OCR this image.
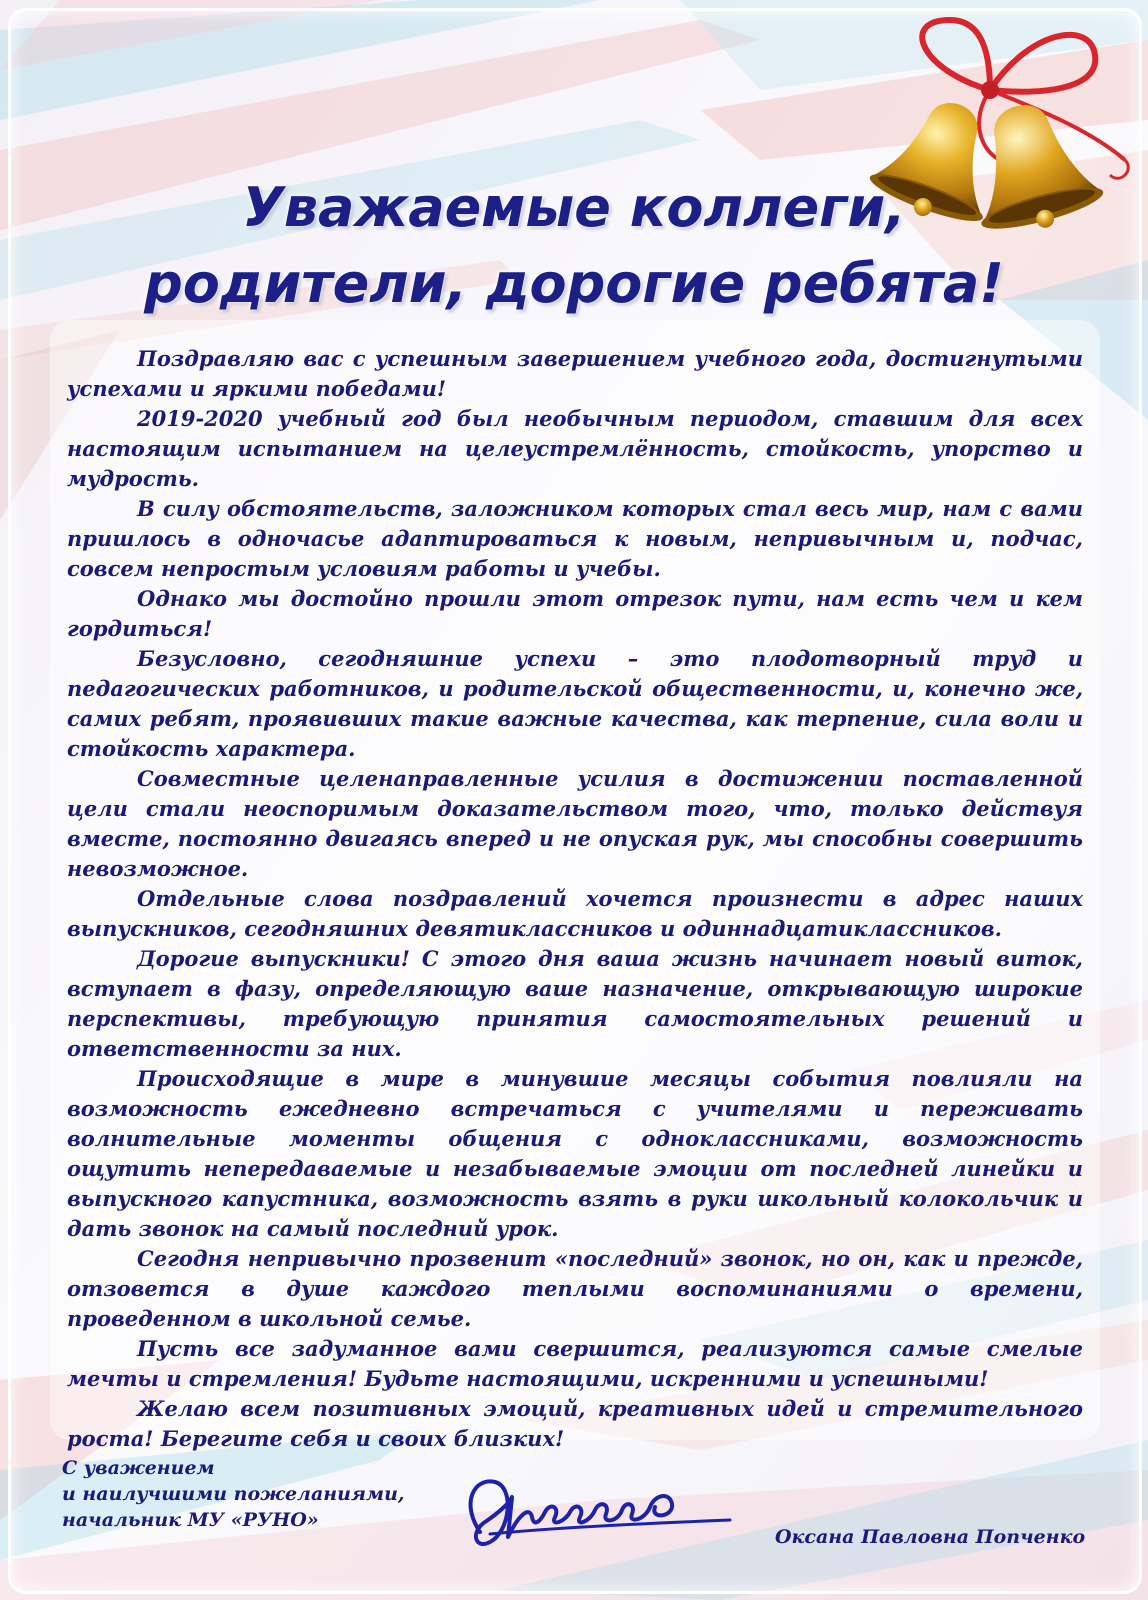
Уважаемые коллеги,
родители, дорогие ребята!

Поздравляю вас с успешным завершением учебного года, достигнутыми успехами и яркими победами!

2019-2020 учебный год был необычным периодом, ставшим для всех настоящим испытанием на целеустремлённость, стойкость, упорство и мудрость.

В силу обстоятельств, заложником которых стал весь мир, нам с вами пришлось в одночасье адаптироваться к новым, непривычным и, подчас, совсем непростым условиям работы и учебы.

Однако мы достойно прошли этот отрезок пути, нам есть чем и кем гордиться!

Безусловно, сегодняшние успехи – это плодотворный труд и педагогических работников, и родительской общественности, и, конечно же, самих ребят, проявивших такие важные качества, как терпение, сила воли и стойкость характера.

Совместные целенаправленные усилия в достижении поставленной цели стали неоспоримым доказательством того, что, только действуя вместе, постоянно двигаясь вперед и не опуская рук, мы способны совершить невозможное.

Отдельные слова поздравлений хочется произнести в адрес наших выпускников, сегодняшних девятиклассников и одиннадцатиклассников.

Дорогие выпускники! С этого дня ваша жизнь начинает новый виток, вступает в фазу, определяющую ваше назначение, открывающую широкие перспективы, требующую принятия самостоятельных решений и ответственности за них.

Происходящие в мире в минувшие месяцы события повлияли на возможность ежедневно встречаться с учителями и переживать волнительные моменты общения с одноклассниками, возможность ощутить непередаваемые и незабываемые эмоции от последней линейки и выпускного капустника, возможность взять в руки школьный колокольчик и дать звонок на самый последний урок.

Сегодня непривычно прозвенит «последний» звонок, но он, как и прежде, отзовется в душе каждого теплыми воспоминаниями о времени, проведенном в школьной семье.

Пусть все задуманное вами свершится, реализуются самые смелые мечты и стремления! Будьте настоящими, искренними и успешными!

Желаю всем позитивных эмоций, креативных идей и стремительного роста! Берегите себя и своих близких!

С уважением
и наилучшими пожеланиями,
начальник МУ «РУНО»
Оксана Павловна Попченко
